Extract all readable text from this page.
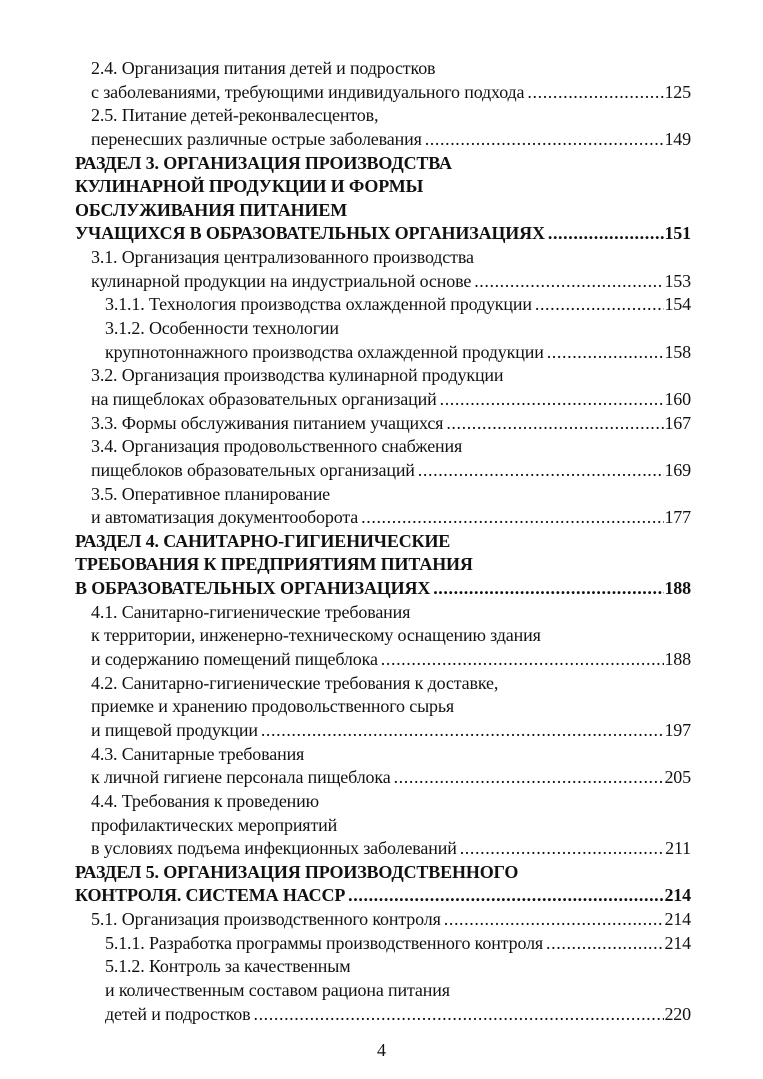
2.4. Организация питания детей и подростков
с заболеваниями, требующими индивидуального подхода .....	125
2.5. Питание детей-реконвалесцентов,
перенесших различные острые заболевания .....	149
РАЗДЕЛ 3. ОРГАНИЗАЦИЯ ПРОИЗВОДСТВА
КУЛИНАРНОЙ ПРОДУКЦИИ И ФОРМЫ
ОБСЛУЖИВАНИЯ ПИТАНИЕМ
УЧАЩИХСЯ В ОБРАЗОВАТЕЛЬНЫХ ОРГАНИЗАЦИЯХ .....	151
3.1. Организация централизованного производства
кулинарной продукции на индустриальной основе .....	153
3.1.1. Технология производства охлажденной продукции .....	154
3.1.2. Особенности технологии
крупнотоннажного производства охлажденной продукции .....	158
3.2. Организация производства кулинарной продукции
на пищеблоках образовательных организаций .....	160
3.3. Формы обслуживания питанием учащихся .....	167
3.4. Организация продовольственного снабжения
пищеблоков образовательных организаций .....	169
3.5. Оперативное планирование
и автоматизация документооборота .....	177
РАЗДЕЛ 4. САНИТАРНО-ГИГИЕНИЧЕСКИЕ
ТРЕБОВАНИЯ К ПРЕДПРИЯТИЯМ ПИТАНИЯ
В ОБРАЗОВАТЕЛЬНЫХ ОРГАНИЗАЦИЯХ .....	188
4.1. Санитарно-гигиенические требования
к территории, инженерно-техническому оснащению здания
и содержанию помещений пищеблока .....	188
4.2. Санитарно-гигиенические требования к доставке,
приемке и хранению продовольственного сырья
и пищевой продукции .....	197
4.3. Санитарные требования
к личной гигиене персонала пищеблока .....	205
4.4. Требования к проведению
профилактических мероприятий
в условиях подъема инфекционных заболеваний .....	211
РАЗДЕЛ 5. ОРГАНИЗАЦИЯ ПРОИЗВОДСТВЕННОГО
КОНТРОЛЯ. СИСТЕМА НАССР .....	214
5.1. Организация производственного контроля .....	214
5.1.1. Разработка программы производственного контроля .....	214
5.1.2. Контроль за качественным
и количественным составом рациона питания
детей и подростков .....	220
4
